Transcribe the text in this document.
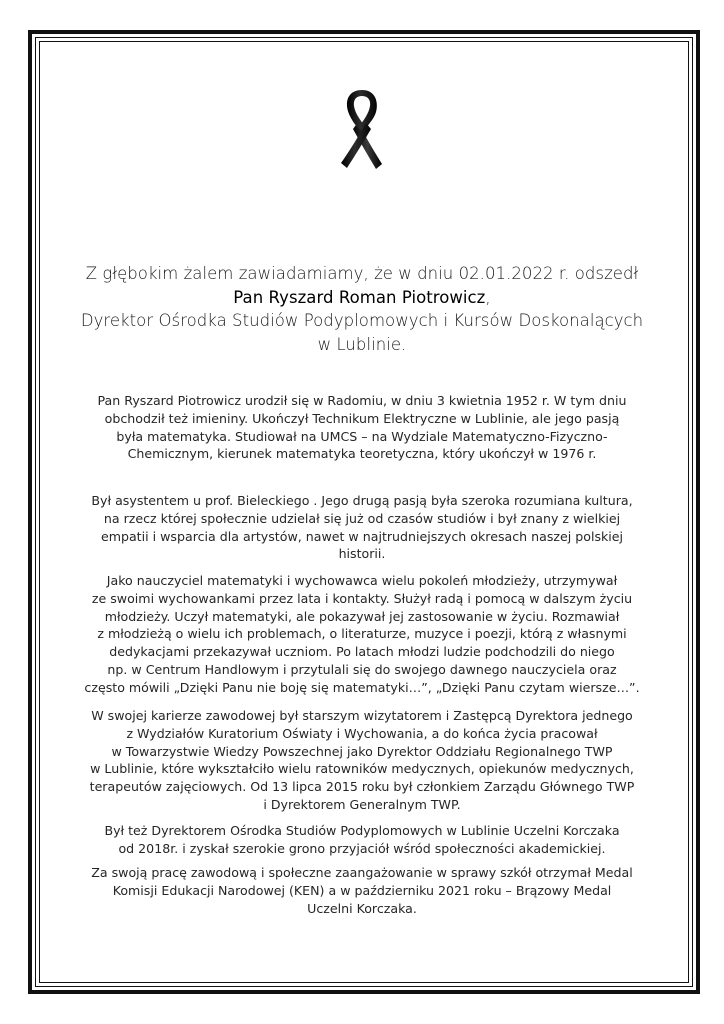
Z głębokim żalem zawiadamiamy, że w dniu 02.01.2022 r. odszedł
Pan Ryszard Roman Piotrowicz,
Dyrektor Ośrodka Studiów Podyplomowych i Kursów Doskonalących
w Lublinie.

Pan Ryszard Piotrowicz urodził się w Radomiu, w dniu 3 kwietnia 1952 r. W tym dniu
obchodził też imieniny. Ukończył Technikum Elektryczne w Lublinie, ale jego pasją
była matematyka. Studiował na UMCS – na Wydziale Matematyczno-Fizyczno-
Chemicznym, kierunek matematyka teoretyczna, który ukończył w 1976 r.

Był asystentem u prof. Bieleckiego . Jego drugą pasją była szeroka rozumiana kultura,
na rzecz której społecznie udzielał się już od czasów studiów i był znany z wielkiej
empatii i wsparcia dla artystów, nawet w najtrudniejszych okresach naszej polskiej
historii.

Jako nauczyciel matematyki i wychowawca wielu pokoleń młodzieży, utrzymywał
ze swoimi wychowankami przez lata i kontakty. Służył radą i pomocą w dalszym życiu
młodzieży. Uczył matematyki, ale pokazywał jej zastosowanie w życiu. Rozmawiał
z młodzieżą o wielu ich problemach, o literaturze, muzyce i poezji, którą z własnymi
dedykacjami przekazywał uczniom. Po latach młodzi ludzie podchodzili do niego
np. w Centrum Handlowym i przytulali się do swojego dawnego nauczyciela oraz
często mówili „Dzięki Panu nie boję się matematyki…”, „Dzięki Panu czytam wiersze…”.

W swojej karierze zawodowej był starszym wizytatorem i Zastępcą Dyrektora jednego
z Wydziałów Kuratorium Oświaty i Wychowania, a do końca życia pracował
w Towarzystwie Wiedzy Powszechnej jako Dyrektor Oddziału Regionalnego TWP
w Lublinie, które wykształciło wielu ratowników medycznych, opiekunów medycznych,
terapeutów zajęciowych. Od 13 lipca 2015 roku był członkiem Zarządu Głównego TWP
i Dyrektorem Generalnym TWP.

Był też Dyrektorem Ośrodka Studiów Podyplomowych w Lublinie Uczelni Korczaka
od 2018r. i zyskał szerokie grono przyjaciół wśród społeczności akademickiej.

Za swoją pracę zawodową i społeczne zaangażowanie w sprawy szkół otrzymał Medal
Komisji Edukacji Narodowej (KEN) a w październiku 2021 roku – Brązowy Medal
Uczelni Korczaka.
